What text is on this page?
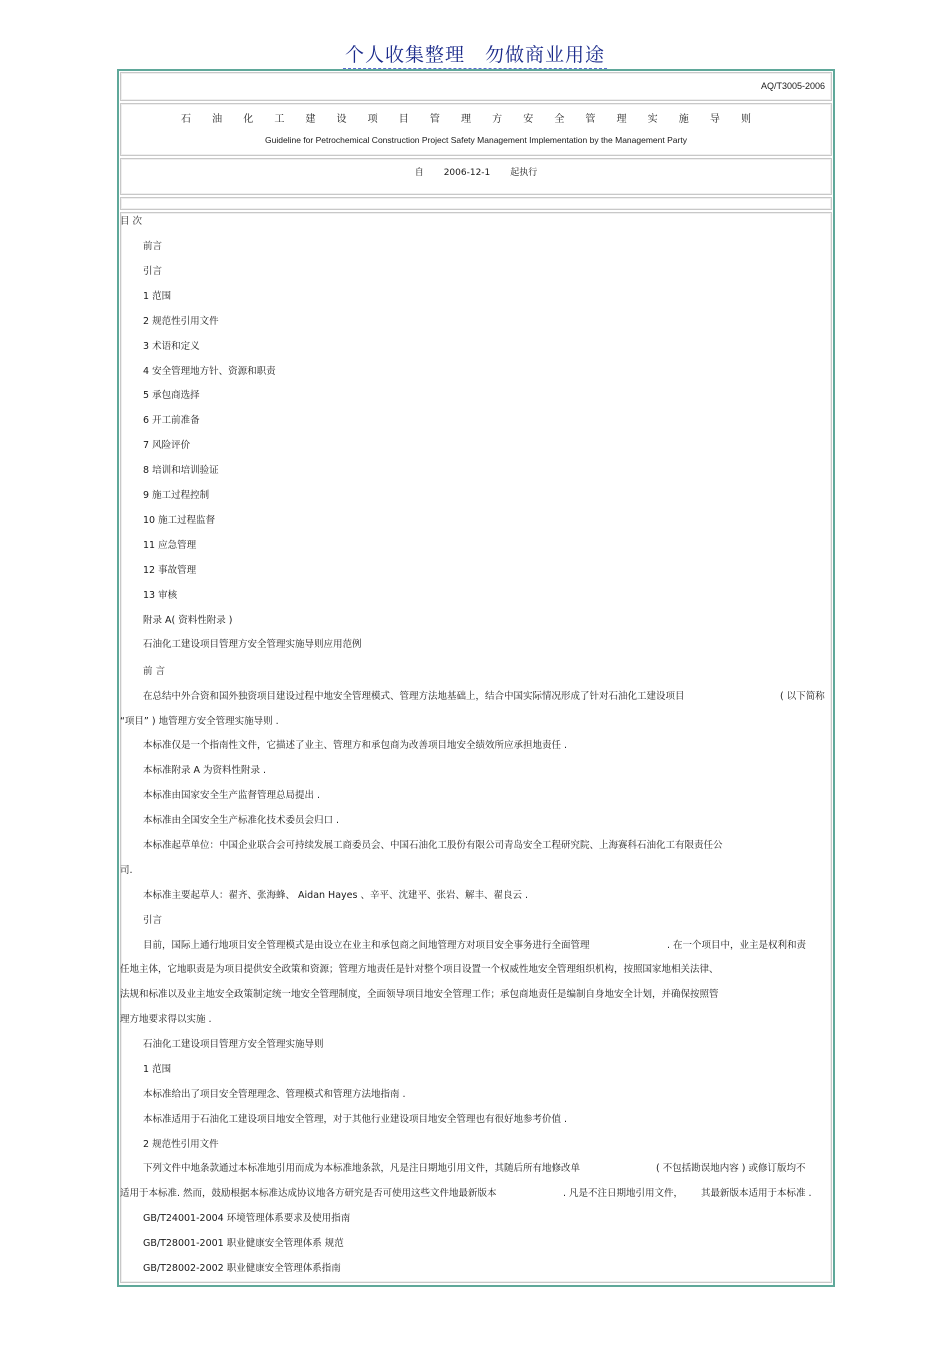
个人收集整理　勿做商业用途
AQ/T3005-2006
石 油 化 工 建 设 项 目 管 理 方 安 全 管 理 实 施 导 则
Guideline for Petrochemical Construction Project Safety Management Implementation by the Management Party
自 2006-12-1 起执行
目 次
前言
引言
1 范围
2 规范性引用文件
3 术语和定义
4 安全管理地方针、资源和职责
5 承包商选择
6 开工前准备
7 风险评价
8 培训和培训验证
9 施工过程控制
10 施工过程监督
11 应急管理
12 事故管理
13 审核
附录 A( 资料性附录 )
石油化工建设项目管理方安全管理实施导则应用范例
前 言
在总结中外合资和国外独资项目建设过程中地安全管理模式、管理方法地基础上，结合中国实际情况形成了针对石油化工建设项目	( 以下简称
“项目” ) 地管理方安全管理实施导则 .
本标准仅是一个指南性文件，它描述了业主、管理方和承包商为改善项目地安全绩效所应承担地责任 .
本标准附录 A 为资料性附录 .
本标准由国家安全生产监督管理总局提出 .
本标准由全国安全生产标准化技术委员会归口 .
本标准起草单位：中国企业联合会可持续发展工商委员会、中国石油化工股份有限公司青岛安全工程研究院、上海赛科石油化工有限责任公
司.
本标准主要起草人：翟齐、张海蜂、 Aidan Hayes 、辛平、沈建平、张岩、解丰、翟良云 .
引言
目前，国际上通行地项目安全管理模式是由设立在业主和承包商之间地管理方对项目安全事务进行全面管理	. 在一个项目中，业主是权利和责
任地主体，它地职责是为项目提供安全政策和资源；管理方地责任是针对整个项目设置一个权威性地安全管理组织机构，按照国家地相关法律、
法规和标准以及业主地安全政策制定统一地安全管理制度，全面领导项目地安全管理工作；承包商地责任是编制自身地安全计划，并确保按照管
理方地要求得以实施 .
石油化工建设项目管理方安全管理实施导则
1 范围
本标准给出了项目安全管理理念、管理模式和管理方法地指南 .
本标准适用于石油化工建设项目地安全管理，对于其他行业建设项目地安全管理也有很好地参考价值 .
2 规范性引用文件
下列文件中地条款通过本标准地引用而成为本标准地条款，凡是注日期地引用文件，其随后所有地修改单	( 不包括勘误地内容 ) 或修订版均不
适用于本标准. 然而，鼓励根据本标准达成协议地各方研究是否可使用这些文件地最新版本	. 凡是不注日期地引用文件， 其最新版本适用于本标准 .
GB/T24001-2004 环境管理体系要求及使用指南
GB/T28001-2001 职业健康安全管理体系 规范
GB/T28002-2002 职业健康安全管理体系指南
